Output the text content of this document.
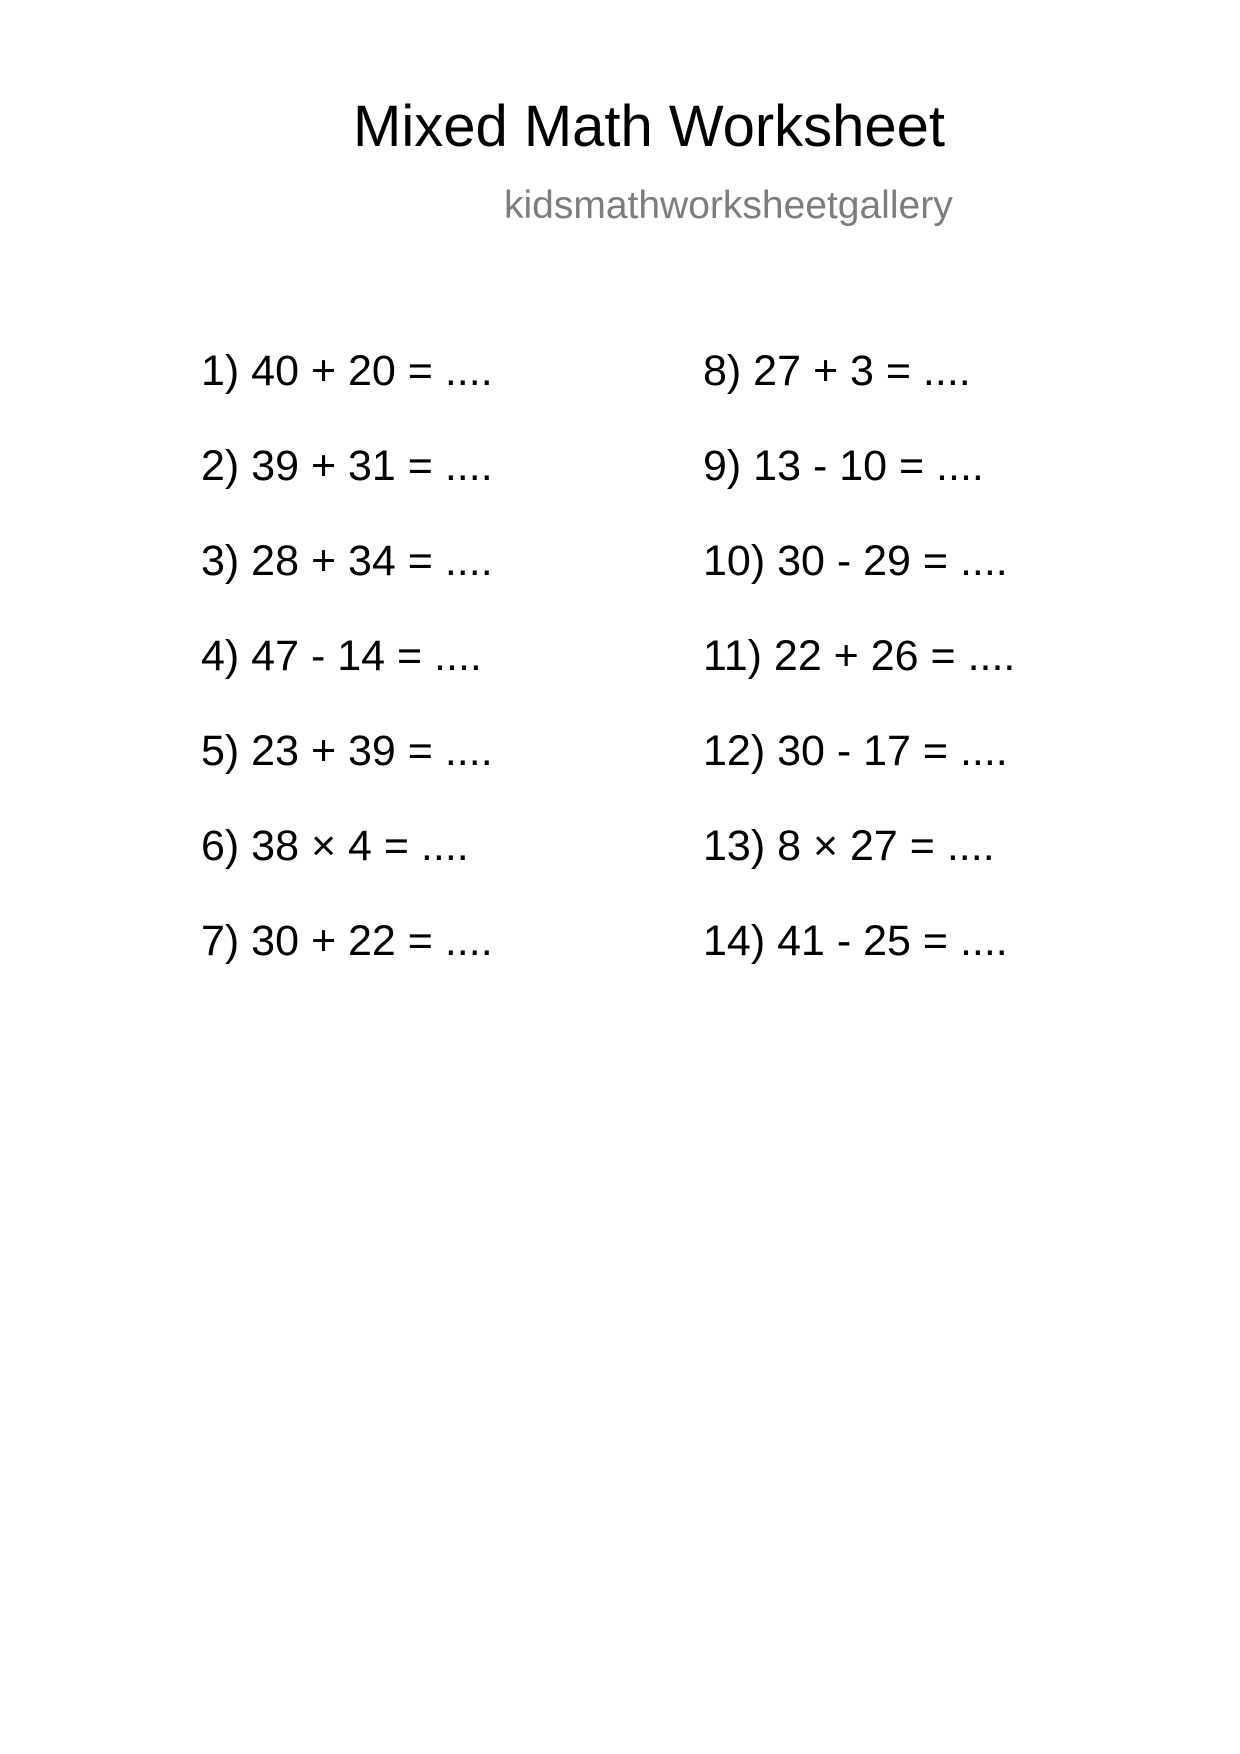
Mixed Math Worksheet
kidsmathworksheetgallery
1) 40 + 20 = ....
2) 39 + 31 = ....
3) 28 + 34 = ....
4) 47 - 14 = ....
5) 23 + 39 = ....
6) 38 × 4 = ....
7) 30 + 22 = ....
8) 27 + 3 = ....
9) 13 - 10 = ....
10) 30 - 29 = ....
11) 22 + 26 = ....
12) 30 - 17 = ....
13) 8 × 27 = ....
14) 41 - 25 = ....
